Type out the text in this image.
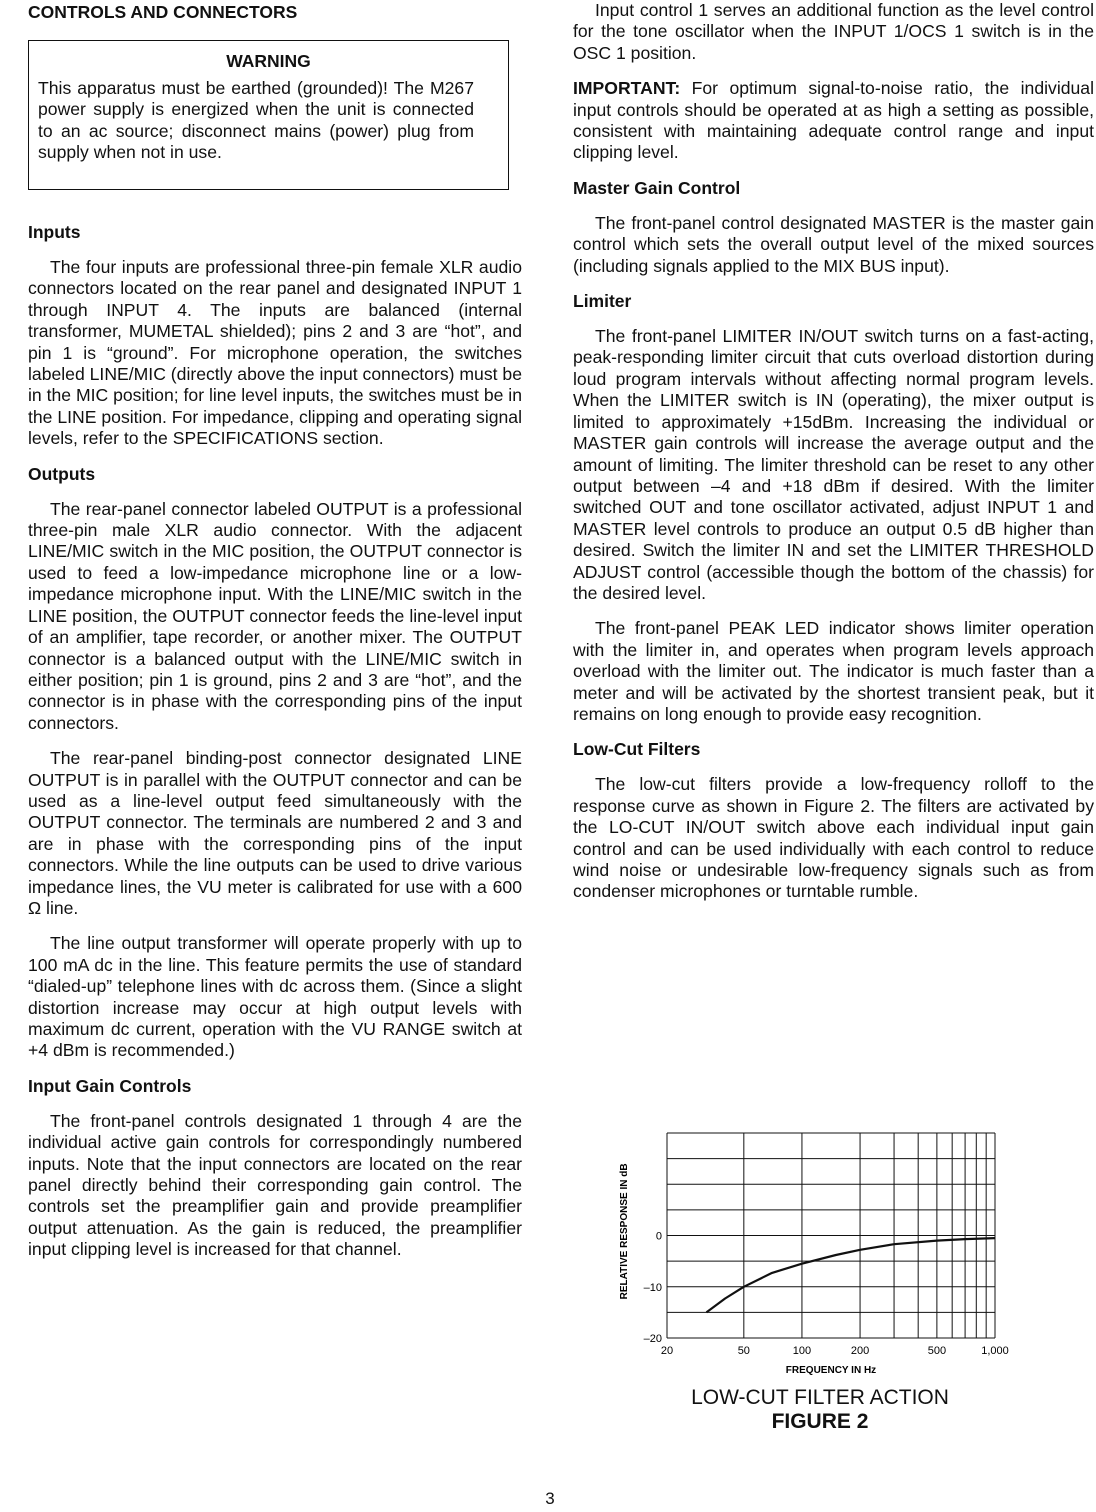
CONTROLS AND CONNECTORS
WARNING

This apparatus must be earthed (grounded)! The M267 power supply is energized when the unit is connected to an ac source; disconnect mains (power) plug from supply when not in use.

Inputs

The four inputs are professional three-pin female XLR audio connectors located on the rear panel and designated INPUT 1 through INPUT 4. The inputs are balanced (internal transformer, MUMETAL shielded); pins 2 and 3 are “hot”, and pin 1 is “ground”. For microphone operation, the switches labeled LINE/MIC (directly above the input connectors) must be in the MIC position; for line level inputs, the switches must be in the LINE position. For impedance, clipping and operating signal levels, refer to the SPECIFICATIONS section.

Outputs

The rear-panel connector labeled OUTPUT is a professional three-pin male XLR audio connector. With the adjacent LINE/MIC switch in the MIC position, the OUTPUT connector is used to feed a low-impedance microphone line or a low-impedance microphone input. With the LINE/MIC switch in the LINE position, the OUTPUT connector feeds the line-level input of an amplifier, tape recorder, or another mixer. The OUTPUT connector is a balanced output with the LINE/MIC switch in either position; pin 1 is ground, pins 2 and 3 are “hot”, and the connector is in phase with the corresponding pins of the input connectors.

The rear-panel binding-post connector designated LINE OUTPUT is in parallel with the OUTPUT connector and can be used as a line-level output feed simultaneously with the OUTPUT connector. The terminals are numbered 2 and 3 and are in phase with the corresponding pins of the input connectors. While the line outputs can be used to drive various impedance lines, the VU meter is calibrated for use with a 600 Ω line.

The line output transformer will operate properly with up to 100 mA dc in the line. This feature permits the use of standard “dialed-up” telephone lines with dc across them. (Since a slight distortion increase may occur at high output levels with maximum dc current, operation with the VU RANGE switch at +4 dBm is recommended.)

Input Gain Controls

The front-panel controls designated 1 through 4 are the individual active gain controls for correspondingly numbered inputs. Note that the input connectors are located on the rear panel directly behind their corresponding gain control. The controls set the preamplifier gain and provide preamplifier output attenuation. As the gain is reduced, the preamplifier input clipping level is increased for that channel.

Input control 1 serves an additional function as the level control for the tone oscillator when the INPUT 1/OCS 1 switch is in the OSC 1 position.

IMPORTANT: For optimum signal-to-noise ratio, the individual input controls should be operated at as high a setting as possible, consistent with maintaining adequate control range and input clipping level.

Master Gain Control

The front-panel control designated MASTER is the master gain control which sets the overall output level of the mixed sources (including signals applied to the MIX BUS input).

Limiter

The front-panel LIMITER IN/OUT switch turns on a fast-acting, peak-responding limiter circuit that cuts overload distortion during loud program intervals without affecting normal program levels. When the LIMITER switch is IN (operating), the mixer output is limited to approximately +15dBm. Increasing the individual or MASTER gain controls will increase the average output and the amount of limiting. The limiter threshold can be reset to any other output between –4 and +18 dBm if desired. With the limiter switched OUT and tone oscillator activated, adjust INPUT 1 and MASTER level controls to produce an output 0.5 dB higher than desired. Switch the limiter IN and set the LIMITER THRESHOLD ADJUST control (accessible though the bottom of the chassis) for the desired level.

The front-panel PEAK LED indicator shows limiter operation with the limiter in, and operates when program levels approach overload with the limiter out. The indicator is much faster than a meter and will be activated by the shortest transient peak, but it remains on long enough to provide easy recognition.

Low-Cut Filters

The low-cut filters provide a low-frequency rolloff to the response curve as shown in Figure 2. The filters are activated by the LO-CUT IN/OUT switch above each individual input gain control and can be used individually with each control to reduce wind noise or undesirable low-frequency signals such as from condenser microphones or turntable rumble.

20	50	100	200	500	1,000
–20
–10
0
FREQUENCY IN Hz
RELATIVE RESPONSE IN dB
LOW-CUT FILTER ACTION
FIGURE 2
3
